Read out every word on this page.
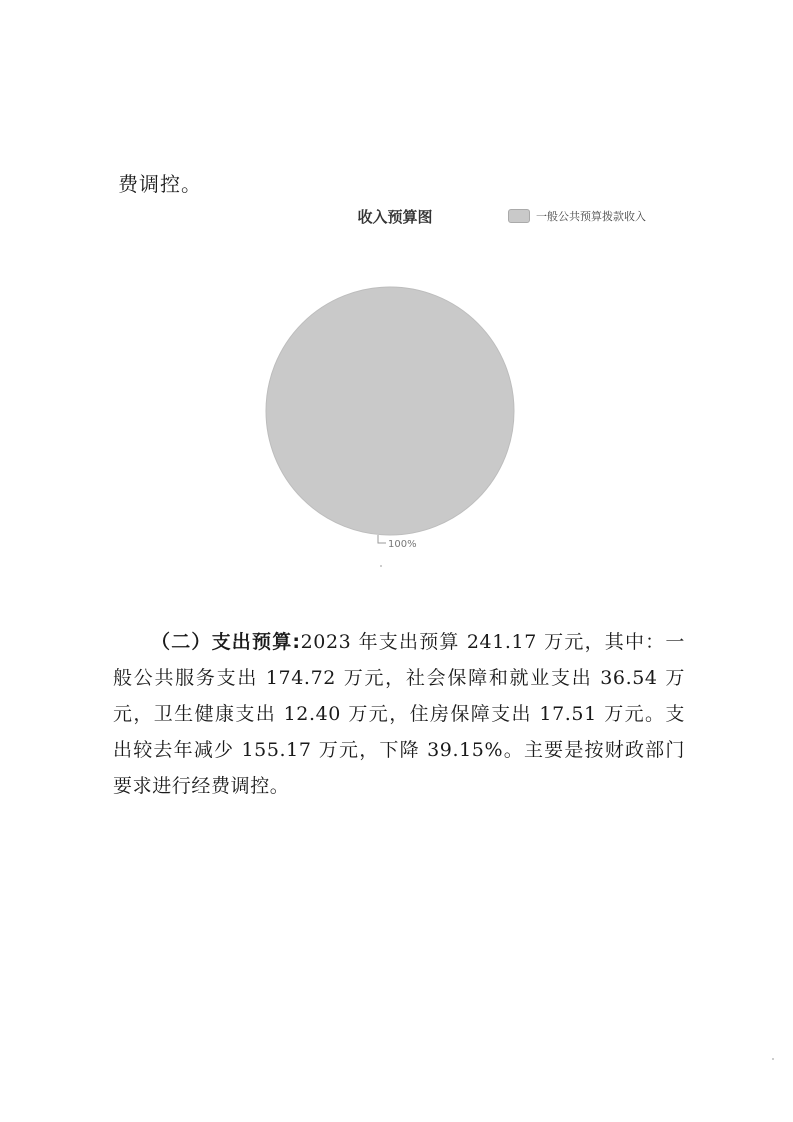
费调控。
收入预算图	一般公共预算拨款收入
100%
（二）支出预算:2023 年支出预算 241.17 万元，其中：一般公共服务支出 174.72 万元，社会保障和就业支出 36.54 万元，卫生健康支出 12.40 万元，住房保障支出 17.51 万元。支出较去年减少 155.17 万元，下降 39.15%。主要是按财政部门要求进行经费调控。
